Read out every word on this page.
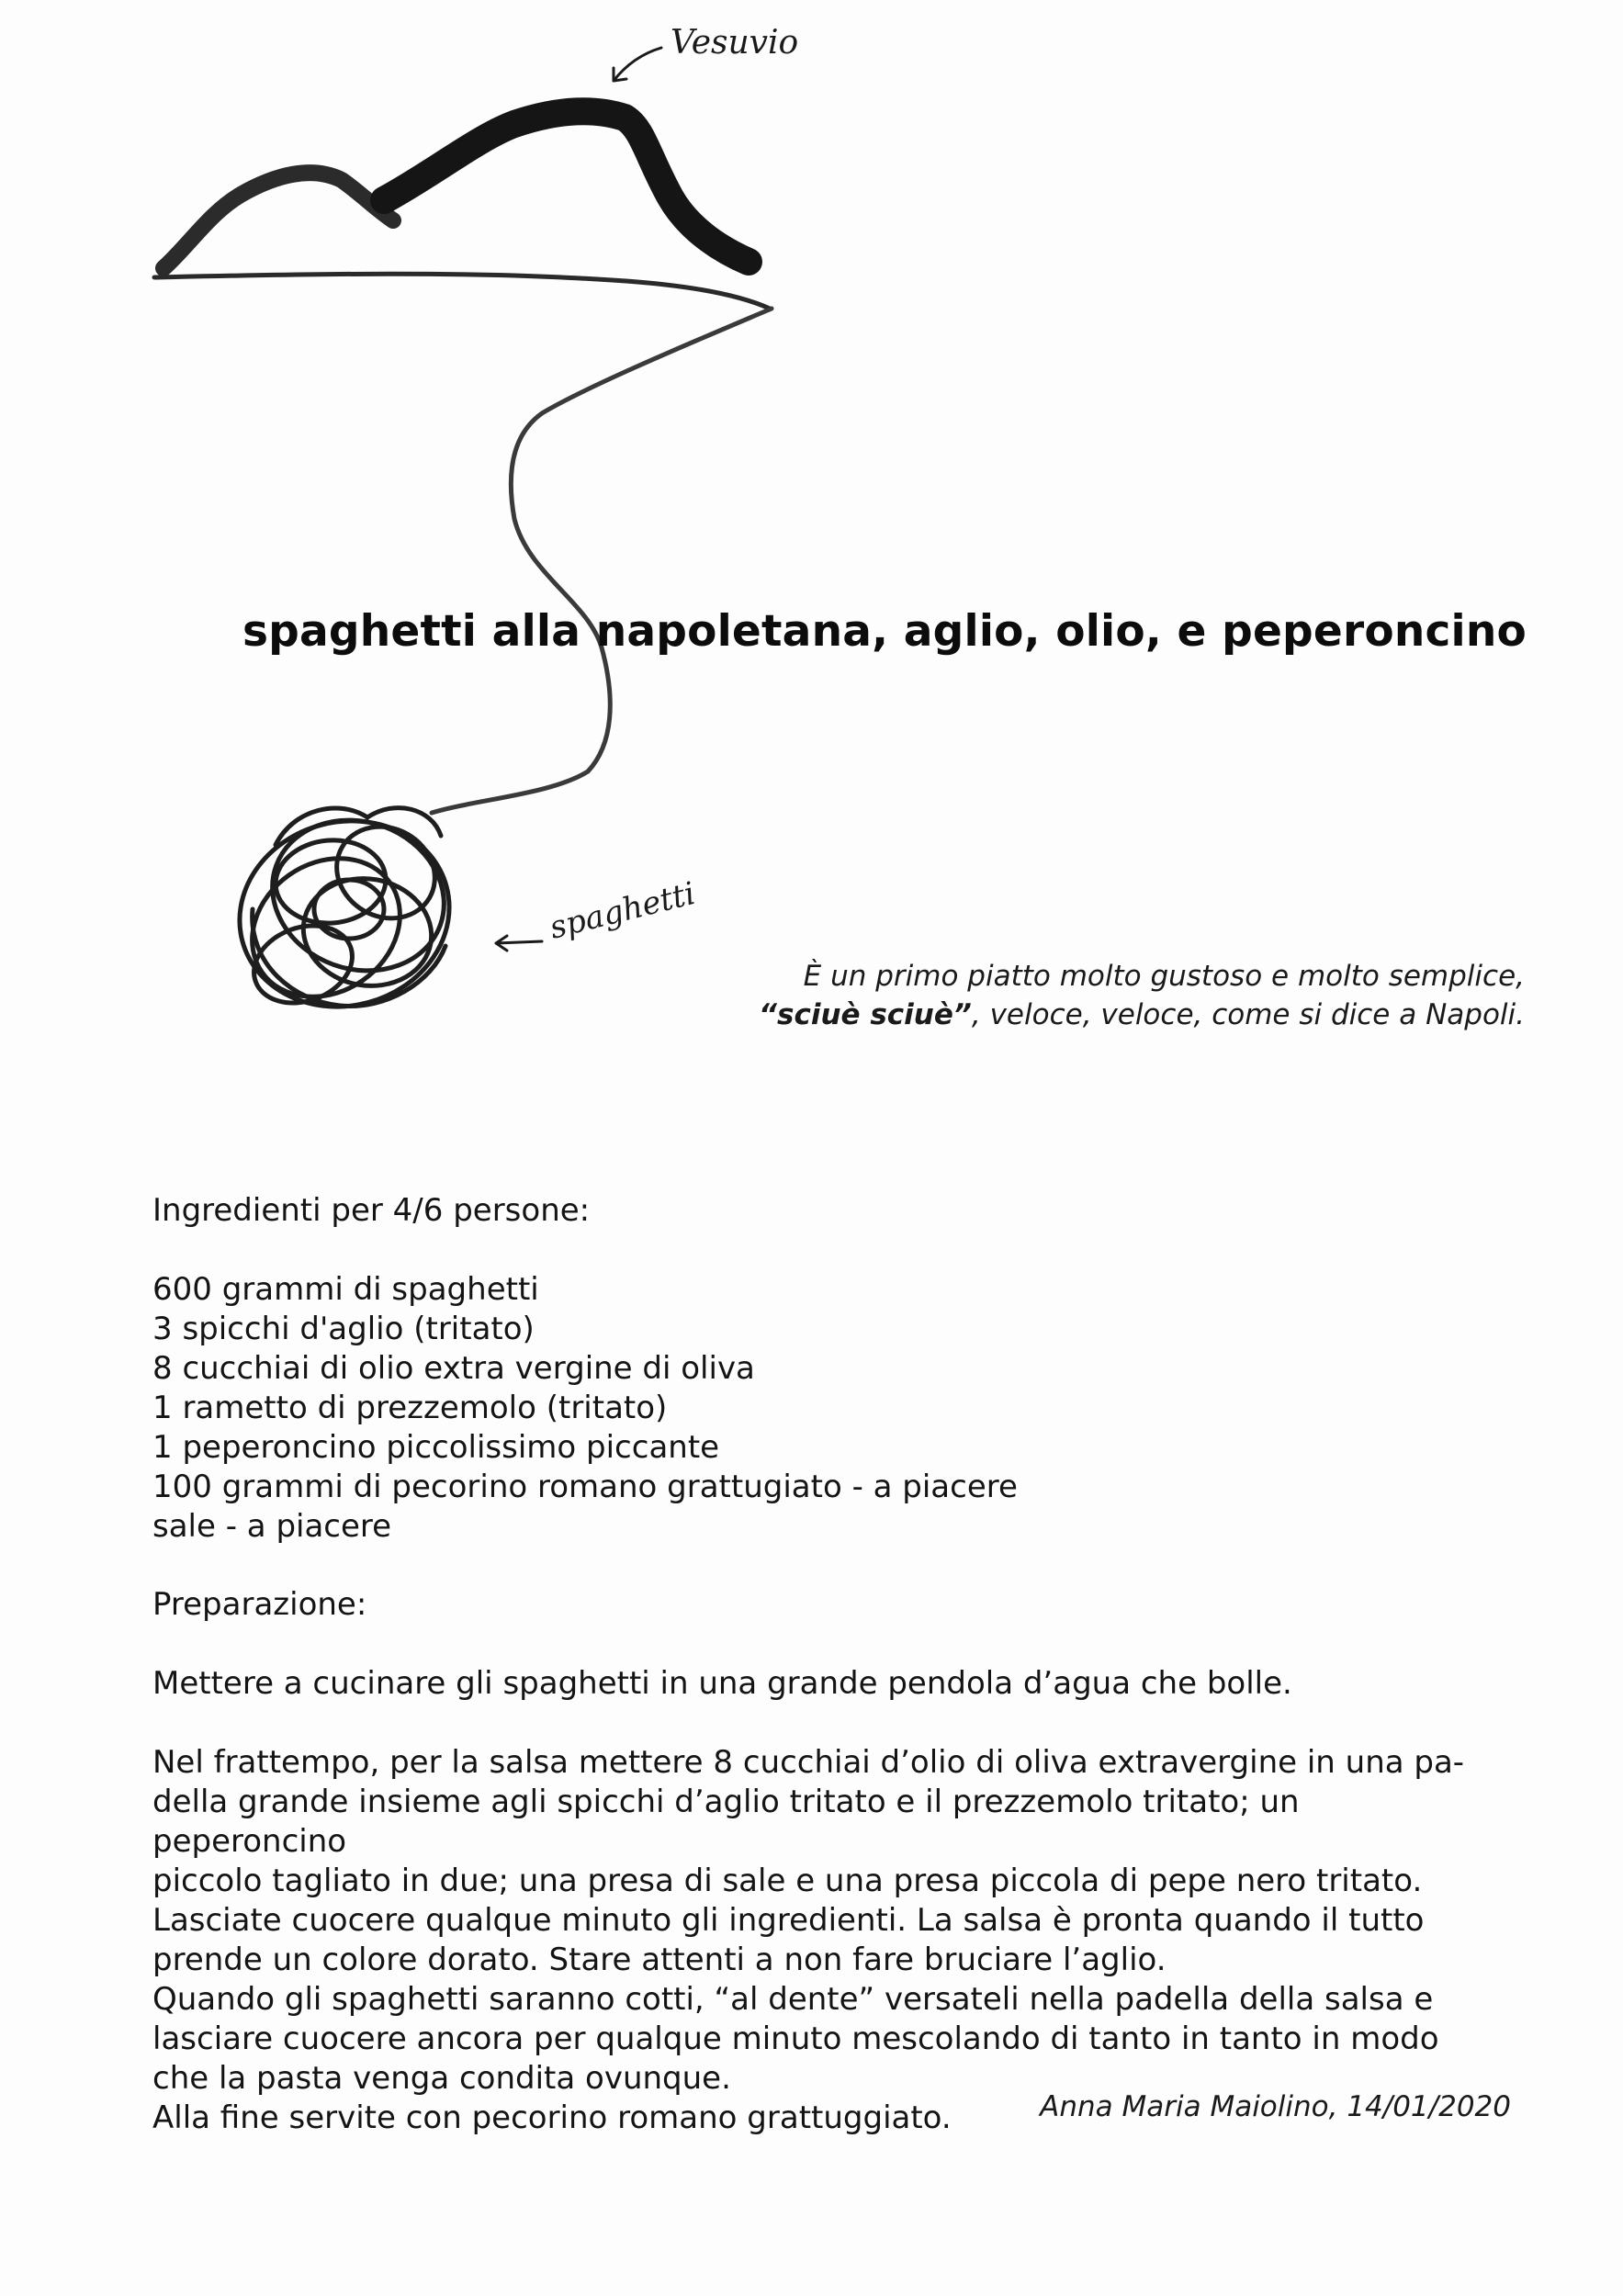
Vesuvio
spaghetti
spaghetti alla napoletana, aglio, olio, e peperoncino
È un primo piatto molto gustoso e molto semplice,
“sciuè sciuè”, veloce, veloce, come si dice a Napoli.
Ingredienti per 4/6 persone:
600 grammi di spaghetti
3 spicchi d'aglio (tritato)
8 cucchiai di olio extra vergine di oliva
1 rametto di prezzemolo (tritato)
1 peperoncino piccolissimo piccante
100 grammi di pecorino romano grattugiato - a piacere
sale - a piacere
Preparazione:
Mettere a cucinare gli spaghetti in una grande pendola d’agua che bolle.

Nel frattempo, per la salsa mettere 8 cucchiai d’olio di oliva extravergine in una pa-

della grande insieme agli spicchi d’aglio tritato e il prezzemolo tritato; un peperoncino

piccolo tagliato in due; una presa di sale e una presa piccola di pepe nero tritato.

Lasciate cuocere qualque minuto gli ingredienti. La salsa è pronta quando il tutto

prende un colore dorato. Stare attenti a non fare bruciare l’aglio.

Quando gli spaghetti saranno cotti, “al dente” versateli nella padella della salsa e

lasciare cuocere ancora per qualque minuto mescolando di tanto in tanto in modo

che la pasta venga condita ovunque.

Alla fine servite con pecorino romano grattuggiato.	Anna Maria Maiolino, 14/01/2020
